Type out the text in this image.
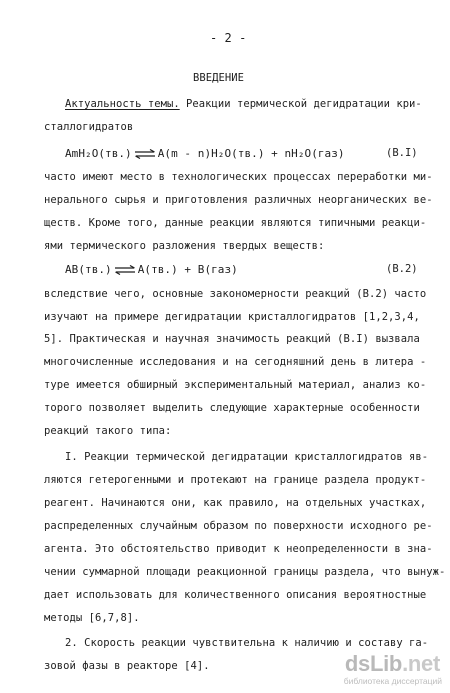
- 2 -
ВВЕДЕНИЕ
Актуальность темы. Реакции термической дегидратации кри-
сталлогидратов
AmH₂O(тв.) ⇌ A(m - n)H₂O(тв.) + nH₂O(газ)	(B.I)
часто имеют место в технологических процессах переработки ми-
нерального сырья и приготовления различных неорганических ве-
ществ. Кроме того, данные реакции являются типичными реакци-
ями термического разложения твердых веществ:
AB(тв.) ⇌ A(тв.) + B(газ)	(B.2)
вследствие чего, основные закономерности реакций (B.2) часто
изучают на примере дегидратации кристаллогидратов [1,2,3,4,
5]. Практическая и научная значимость реакций (B.I) вызвала
многочисленные исследования и на сегодняшний день в литера -
туре имеется обширный экспериментальный материал, анализ ко-
торого позволяет выделить следующие характерные особенности
реакций такого типа:
I. Реакции термической дегидратации кристаллогидратов яв-
ляются гетерогенными и протекают на границе раздела продукт-
реагент. Начинаются они, как правило, на отдельных участках,
распределенных случайным образом по поверхности исходного ре-
агента. Это обстоятельство приводит к неопределенности в зна-
чении суммарной площади реакционной границы раздела, что вынуж-
дает использовать для количественного описания вероятностные
методы [6,7,8].
2. Скорость реакции чувствительна к наличию и составу га-
зовой фазы в реакторе [4].	dsLib.net
библиотека диссертаций
